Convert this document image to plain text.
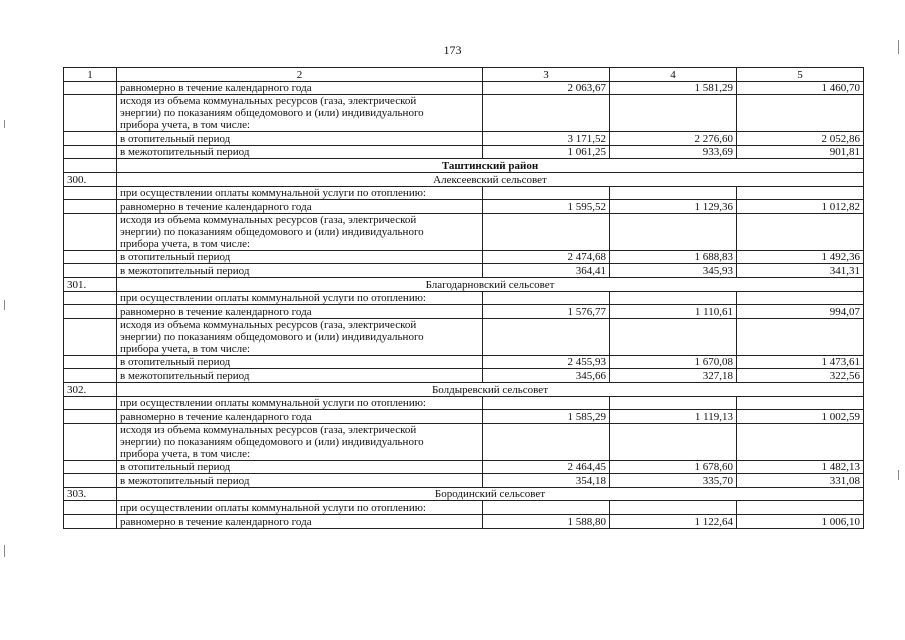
173
1	2	3	4	5
	равномерно в течение календарного года	2 063,67	1 581,29	1 460,70

	исходя из объема коммунальных ресурсов (газа, электрической
энергии) по показаниям общедомового и (или) индивидуального
прибора учета, в том числе:			

	в отопительный период	3 171,52	2 276,60	2 052,86
	в межотопительный период	1 061,25	933,69	901,81
	Таштинский район			
300.	Алексеевский сельсовет			
	при осуществлении оплаты коммунальной услуги по отоплению:			
	равномерно в течение календарного года	1 595,52	1 129,36	1 012,82

	исходя из объема коммунальных ресурсов (газа, электрической
энергии) по показаниям общедомового и (или) индивидуального
прибора учета, в том числе:			

	в отопительный период	2 474,68	1 688,83	1 492,36
	в межотопительный период	364,41	345,93	341,31
301.	Благодарновский сельсовет			
	при осуществлении оплаты коммунальной услуги по отоплению:			
	равномерно в течение календарного года	1 576,77	1 110,61	994,07

	исходя из объема коммунальных ресурсов (газа, электрической
энергии) по показаниям общедомового и (или) индивидуального
прибора учета, в том числе:			

	в отопительный период	2 455,93	1 670,08	1 473,61
	в межотопительный период	345,66	327,18	322,56
302.	Болдыревский сельсовет			
	при осуществлении оплаты коммунальной услуги по отоплению:			
	равномерно в течение календарного года	1 585,29	1 119,13	1 002,59

	исходя из объема коммунальных ресурсов (газа, электрической
энергии) по показаниям общедомового и (или) индивидуального
прибора учета, в том числе:			

	в отопительный период	2 464,45	1 678,60	1 482,13
	в межотопительный период	354,18	335,70	331,08
303.	Бородинский сельсовет			
	при осуществлении оплаты коммунальной услуги по отоплению:			
	равномерно в течение календарного года	1 588,80	1 122,64	1 006,10
